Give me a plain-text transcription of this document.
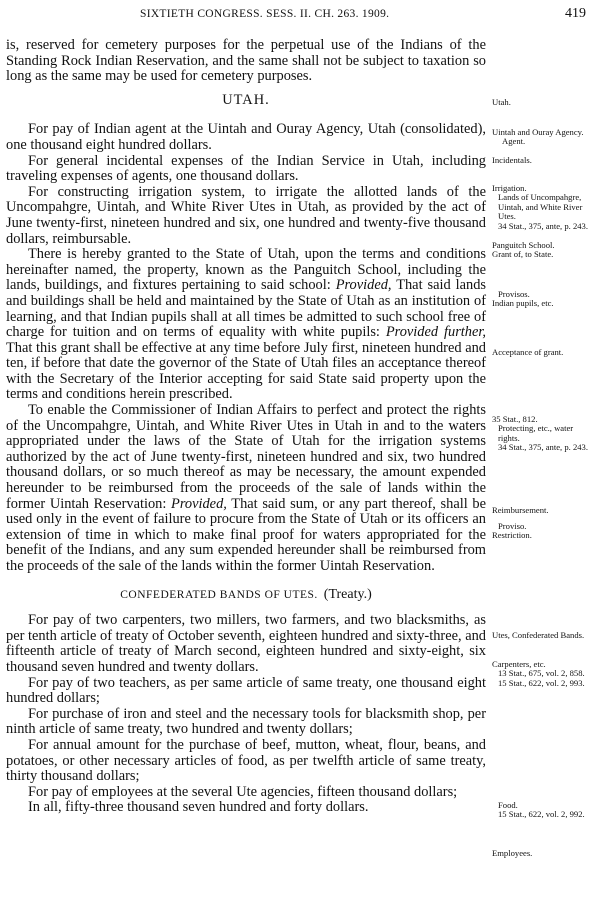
SIXTIETH CONGRESS. SESS. II. CH. 263. 1909.	419

is, reserved for cemetery purposes for the perpetual use of the Indians of the Standing Rock Indian Reservation, and the same shall not be subject to taxation so long as the same may be used for cemetery purposes.

UTAH.

For pay of Indian agent at the Uintah and Ouray Agency, Utah (consolidated), one thousand eight hundred dollars.

For general incidental expenses of the Indian Service in Utah, including traveling expenses of agents, one thousand dollars.

For constructing irrigation system, to irrigate the allotted lands of the Uncompahgre, Uintah, and White River Utes in Utah, as provided by the act of June twenty-first, nineteen hundred and six, one hundred and twenty-five thousand dollars, reimbursable.

There is hereby granted to the State of Utah, upon the terms and conditions hereinafter named, the property, known as the Panguitch School, including the lands, buildings, and fixtures pertaining to said school: Provided, That said lands and buildings shall be held and maintained by the State of Utah as an institution of learning, and that Indian pupils shall at all times be admitted to such school free of charge for tuition and on terms of equality with white pupils: Provided further, That this grant shall be effective at any time before July first, nineteen hundred and ten, if before that date the governor of the State of Utah files an acceptance thereof with the Secretary of the Interior accepting for said State said property upon the terms and conditions herein prescribed.

To enable the Commissioner of Indian Affairs to perfect and protect the rights of the Uncompahgre, Uintah, and White River Utes in Utah in and to the waters appropriated under the laws of the State of Utah for the irrigation systems authorized by the act of June twenty-first, nineteen hundred and six, two hundred thousand dollars, or so much thereof as may be necessary, the amount expended hereunder to be reimbursed from the proceeds of the sale of lands within the former Uintah Reservation: Provided, That said sum, or any part thereof, shall be used only in the event of failure to procure from the State of Utah or its officers an extension of time in which to make final proof for waters appropriated for the benefit of the Indians, and any sum expended hereunder shall be reimbursed from the proceeds of the sale of the lands within the former Uintah Reservation.

CONFEDERATED BANDS OF UTES. (Treaty.)

For pay of two carpenters, two millers, two farmers, and two blacksmiths, as per tenth article of treaty of October seventh, eighteen hundred and sixty-three, and fifteenth article of treaty of March second, eighteen hundred and sixty-eight, six thousand seven hundred and twenty dollars.

For pay of two teachers, as per same article of same treaty, one thousand eight hundred dollars;

For purchase of iron and steel and the necessary tools for blacksmith shop, per ninth article of same treaty, two hundred and twenty dollars;

For annual amount for the purchase of beef, mutton, wheat, flour, beans, and potatoes, or other necessary articles of food, as per twelfth article of same treaty, thirty thousand dollars;

For pay of employees at the several Ute agencies, fifteen thousand dollars;

In all, fifty-three thousand seven hundred and forty dollars.

Utah.
Uintah and Ouray Agency.
Agent.
Incidentals.
Irrigation.
Lands of Uncompahgre, Uintah, and White River Utes.
34 Stat., 375, ante, p. 243.
Panguitch School.
Grant of, to State.
Provisos.
Indian pupils, etc.
Acceptance of grant.
35 Stat., 812.
Protecting, etc., water rights.
34 Stat., 375, ante, p. 243.
Reimbursement.
Proviso.
Restriction.
Utes, Confederated Bands.
Carpenters, etc.
13 Stat., 675, vol. 2, 858.
15 Stat., 622, vol. 2, 993.
Food.
15 Stat., 622, vol. 2, 992.
Employees.
